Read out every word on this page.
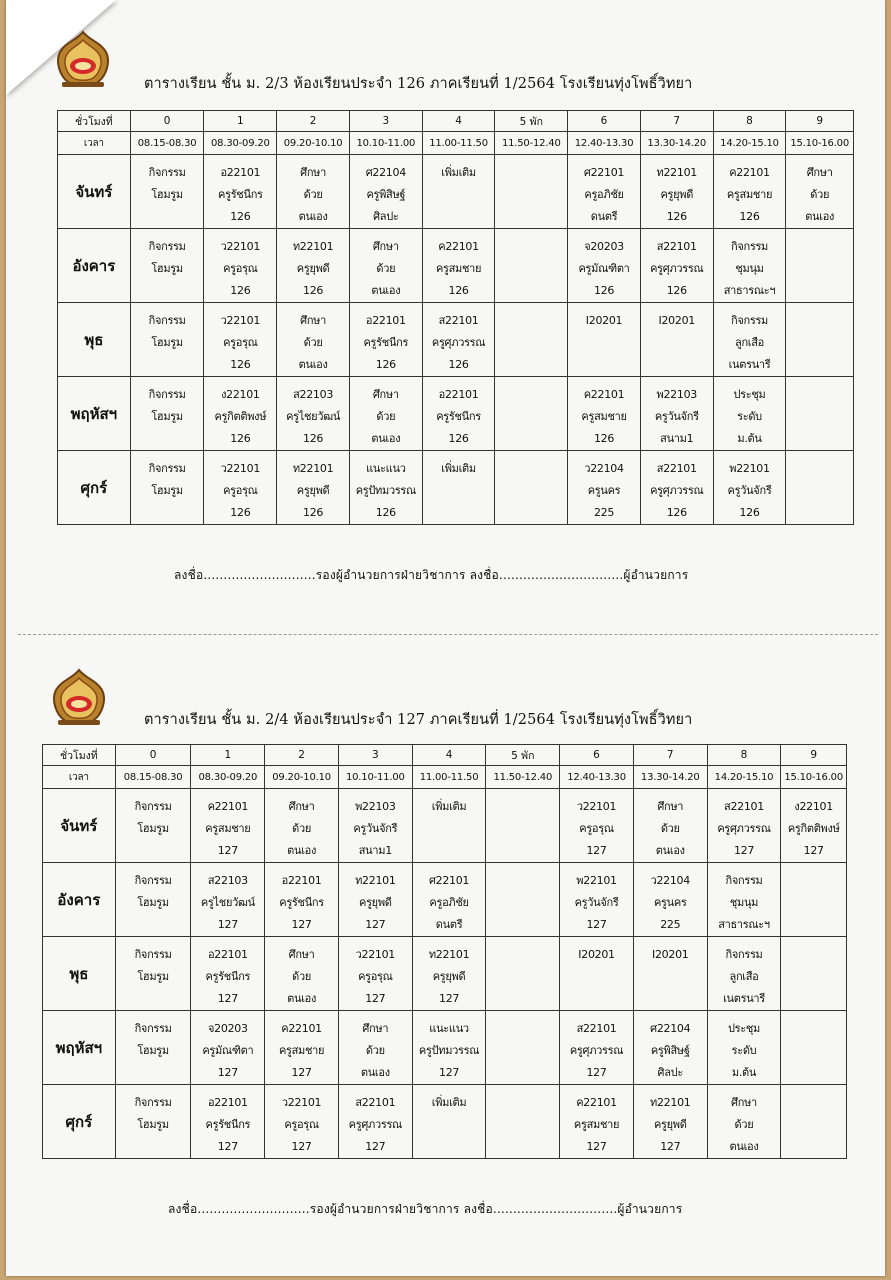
ตารางเรียน ชั้น ม. 2/3 ห้องเรียนประจำ 126 ภาคเรียนที่ 1/2564 โรงเรียนทุ่งโพธิ์วิทยา
ชั่วโมงที่	0	1	2	3	4	5 พัก	6	7	8	9
เวลา	08.15-08.30	08.30-09.20	09.20-10.10	10.10-11.00	11.00-11.50	11.50-12.40	12.40-13.30	13.30-14.20	14.20-15.10	15.10-16.00
จันทร์	กิจกรรม
โฮมรูม	อ22101
ครูรัชนีกร
126	ศึกษา
ด้วย
ตนเอง	ศ22104
ครูพิสิษฐ์
ศิลปะ	เพิ่มเติม		ศ22101
ครูอภิชัย
ดนตรี	ท22101
ครูยุพดี
126	ค22101
ครูสมชาย
126	ศึกษา
ด้วย
ตนเอง

อังคาร	กิจกรรม
โฮมรูม	ว22101
ครูอรุณ
126	ท22101
ครูยุพดี
126	ศึกษา
ด้วย
ตนเอง	ค22101
ครูสมชาย
126		จ20203
ครูมัณฑิตา
126	ส22101
ครูศุภวรรณ
126	กิจกรรม
ชุมนุม
สาธารณะฯ	

พุธ	กิจกรรม
โฮมรูม	ว22101
ครูอรุณ
126	ศึกษา
ด้วย
ตนเอง	อ22101
ครูรัชนีกร
126	ส22101
ครูศุภวรรณ
126		I20201	I20201	กิจกรรม
ลูกเสือ
เนตรนารี	

พฤหัสฯ	กิจกรรม
โฮมรูม	ง22101
ครูกิตติพงษ์
126	ส22103
ครูไชยวัฒน์
126	ศึกษา
ด้วย
ตนเอง	อ22101
ครูรัชนีกร
126		ค22101
ครูสมชาย
126	พ22103
ครูวันจักรี
สนาม1	ประชุม
ระดับ
ม.ต้น	

ศุกร์	กิจกรรม
โฮมรูม	ว22101
ครูอรุณ
126	ท22101
ครูยุพดี
126	แนะแนว
ครูปัทมวรรณ
126	เพิ่มเติม		ว22104
ครูนคร
225	ส22101
ครูศุภวรรณ
126	พ22101
ครูวันจักรี
126	

ลงชื่อ............................รองผู้อำนวยการฝ่ายวิชาการ ลงชื่อ...............................ผู้อำนวยการ
ตารางเรียน ชั้น ม. 2/4 ห้องเรียนประจำ 127 ภาคเรียนที่ 1/2564 โรงเรียนทุ่งโพธิ์วิทยา
ชั่วโมงที่	0	1	2	3	4	5 พัก	6	7	8	9
เวลา	08.15-08.30	08.30-09.20	09.20-10.10	10.10-11.00	11.00-11.50	11.50-12.40	12.40-13.30	13.30-14.20	14.20-15.10	15.10-16.00
จันทร์	กิจกรรม
โฮมรูม	ค22101
ครูสมชาย
127	ศึกษา
ด้วย
ตนเอง	พ22103
ครูวันจักรี
สนาม1	เพิ่มเติม		ว22101
ครูอรุณ
127	ศึกษา
ด้วย
ตนเอง	ส22101
ครูศุภวรรณ
127	ง22101
ครูกิตติพงษ์
127

อังคาร	กิจกรรม
โฮมรูม	ส22103
ครูไชยวัฒน์
127	อ22101
ครูรัชนีกร
127	ท22101
ครูยุพดี
127	ศ22101
ครูอภิชัย
ดนตรี		พ22101
ครูวันจักรี
127	ว22104
ครูนคร
225	กิจกรรม
ชุมนุม
สาธารณะฯ	

พุธ	กิจกรรม
โฮมรูม	อ22101
ครูรัชนีกร
127	ศึกษา
ด้วย
ตนเอง	ว22101
ครูอรุณ
127	ท22101
ครูยุพดี
127		I20201	I20201	กิจกรรม
ลูกเสือ
เนตรนารี	

พฤหัสฯ	กิจกรรม
โฮมรูม	จ20203
ครูมัณฑิตา
127	ค22101
ครูสมชาย
127	ศึกษา
ด้วย
ตนเอง	แนะแนว
ครูปัทมวรรณ
127		ส22101
ครูศุภวรรณ
127	ศ22104
ครูพิสิษฐ์
ศิลปะ	ประชุม
ระดับ
ม.ต้น	

ศุกร์	กิจกรรม
โฮมรูม	อ22101
ครูรัชนีกร
127	ว22101
ครูอรุณ
127	ส22101
ครูศุภวรรณ
127	เพิ่มเติม		ค22101
ครูสมชาย
127	ท22101
ครูยุพดี
127	ศึกษา
ด้วย
ตนเอง	

ลงชื่อ............................รองผู้อำนวยการฝ่ายวิชาการ ลงชื่อ...............................ผู้อำนวยการ
